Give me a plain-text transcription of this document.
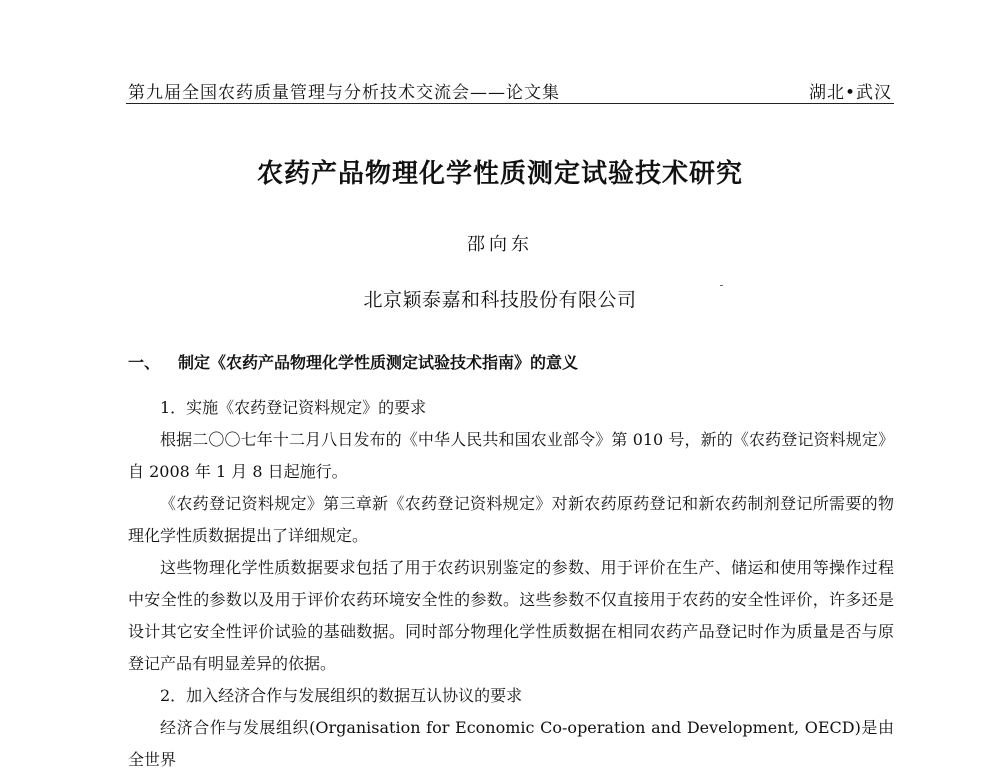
第九届全国农药质量管理与分析技术交流会——论文集	湖北•武汉
农药产品物理化学性质测定试验技术研究
邵向东
北京颖泰嘉和科技股份有限公司
一、 制定《农药产品物理化学性质测定试验技术指南》的意义

1．实施《农药登记资料规定》的要求

根据二〇〇七年十二月八日发布的《中华人民共和国农业部令》第 010 号，新的《农药登记资料规定》自 2008 年 1 月 8 日起施行。

《农药登记资料规定》第三章新《农药登记资料规定》对新农药原药登记和新农药制剂登记所需要的物理化学性质数据提出了详细规定。

这些物理化学性质数据要求包括了用于农药识别鉴定的参数、用于评价在生产、储运和使用等操作过程中安全性的参数以及用于评价农药环境安全性的参数。这些参数不仅直接用于农药的安全性评价，许多还是设计其它安全性评价试验的基础数据。同时部分物理化学性质数据在相同农药产品登记时作为质量是否与原登记产品有明显差异的依据。

2．加入经济合作与发展组织的数据互认协议的要求

经济合作与发展组织(Organisation for Economic Co-operation and Development, OECD)是由全世界
